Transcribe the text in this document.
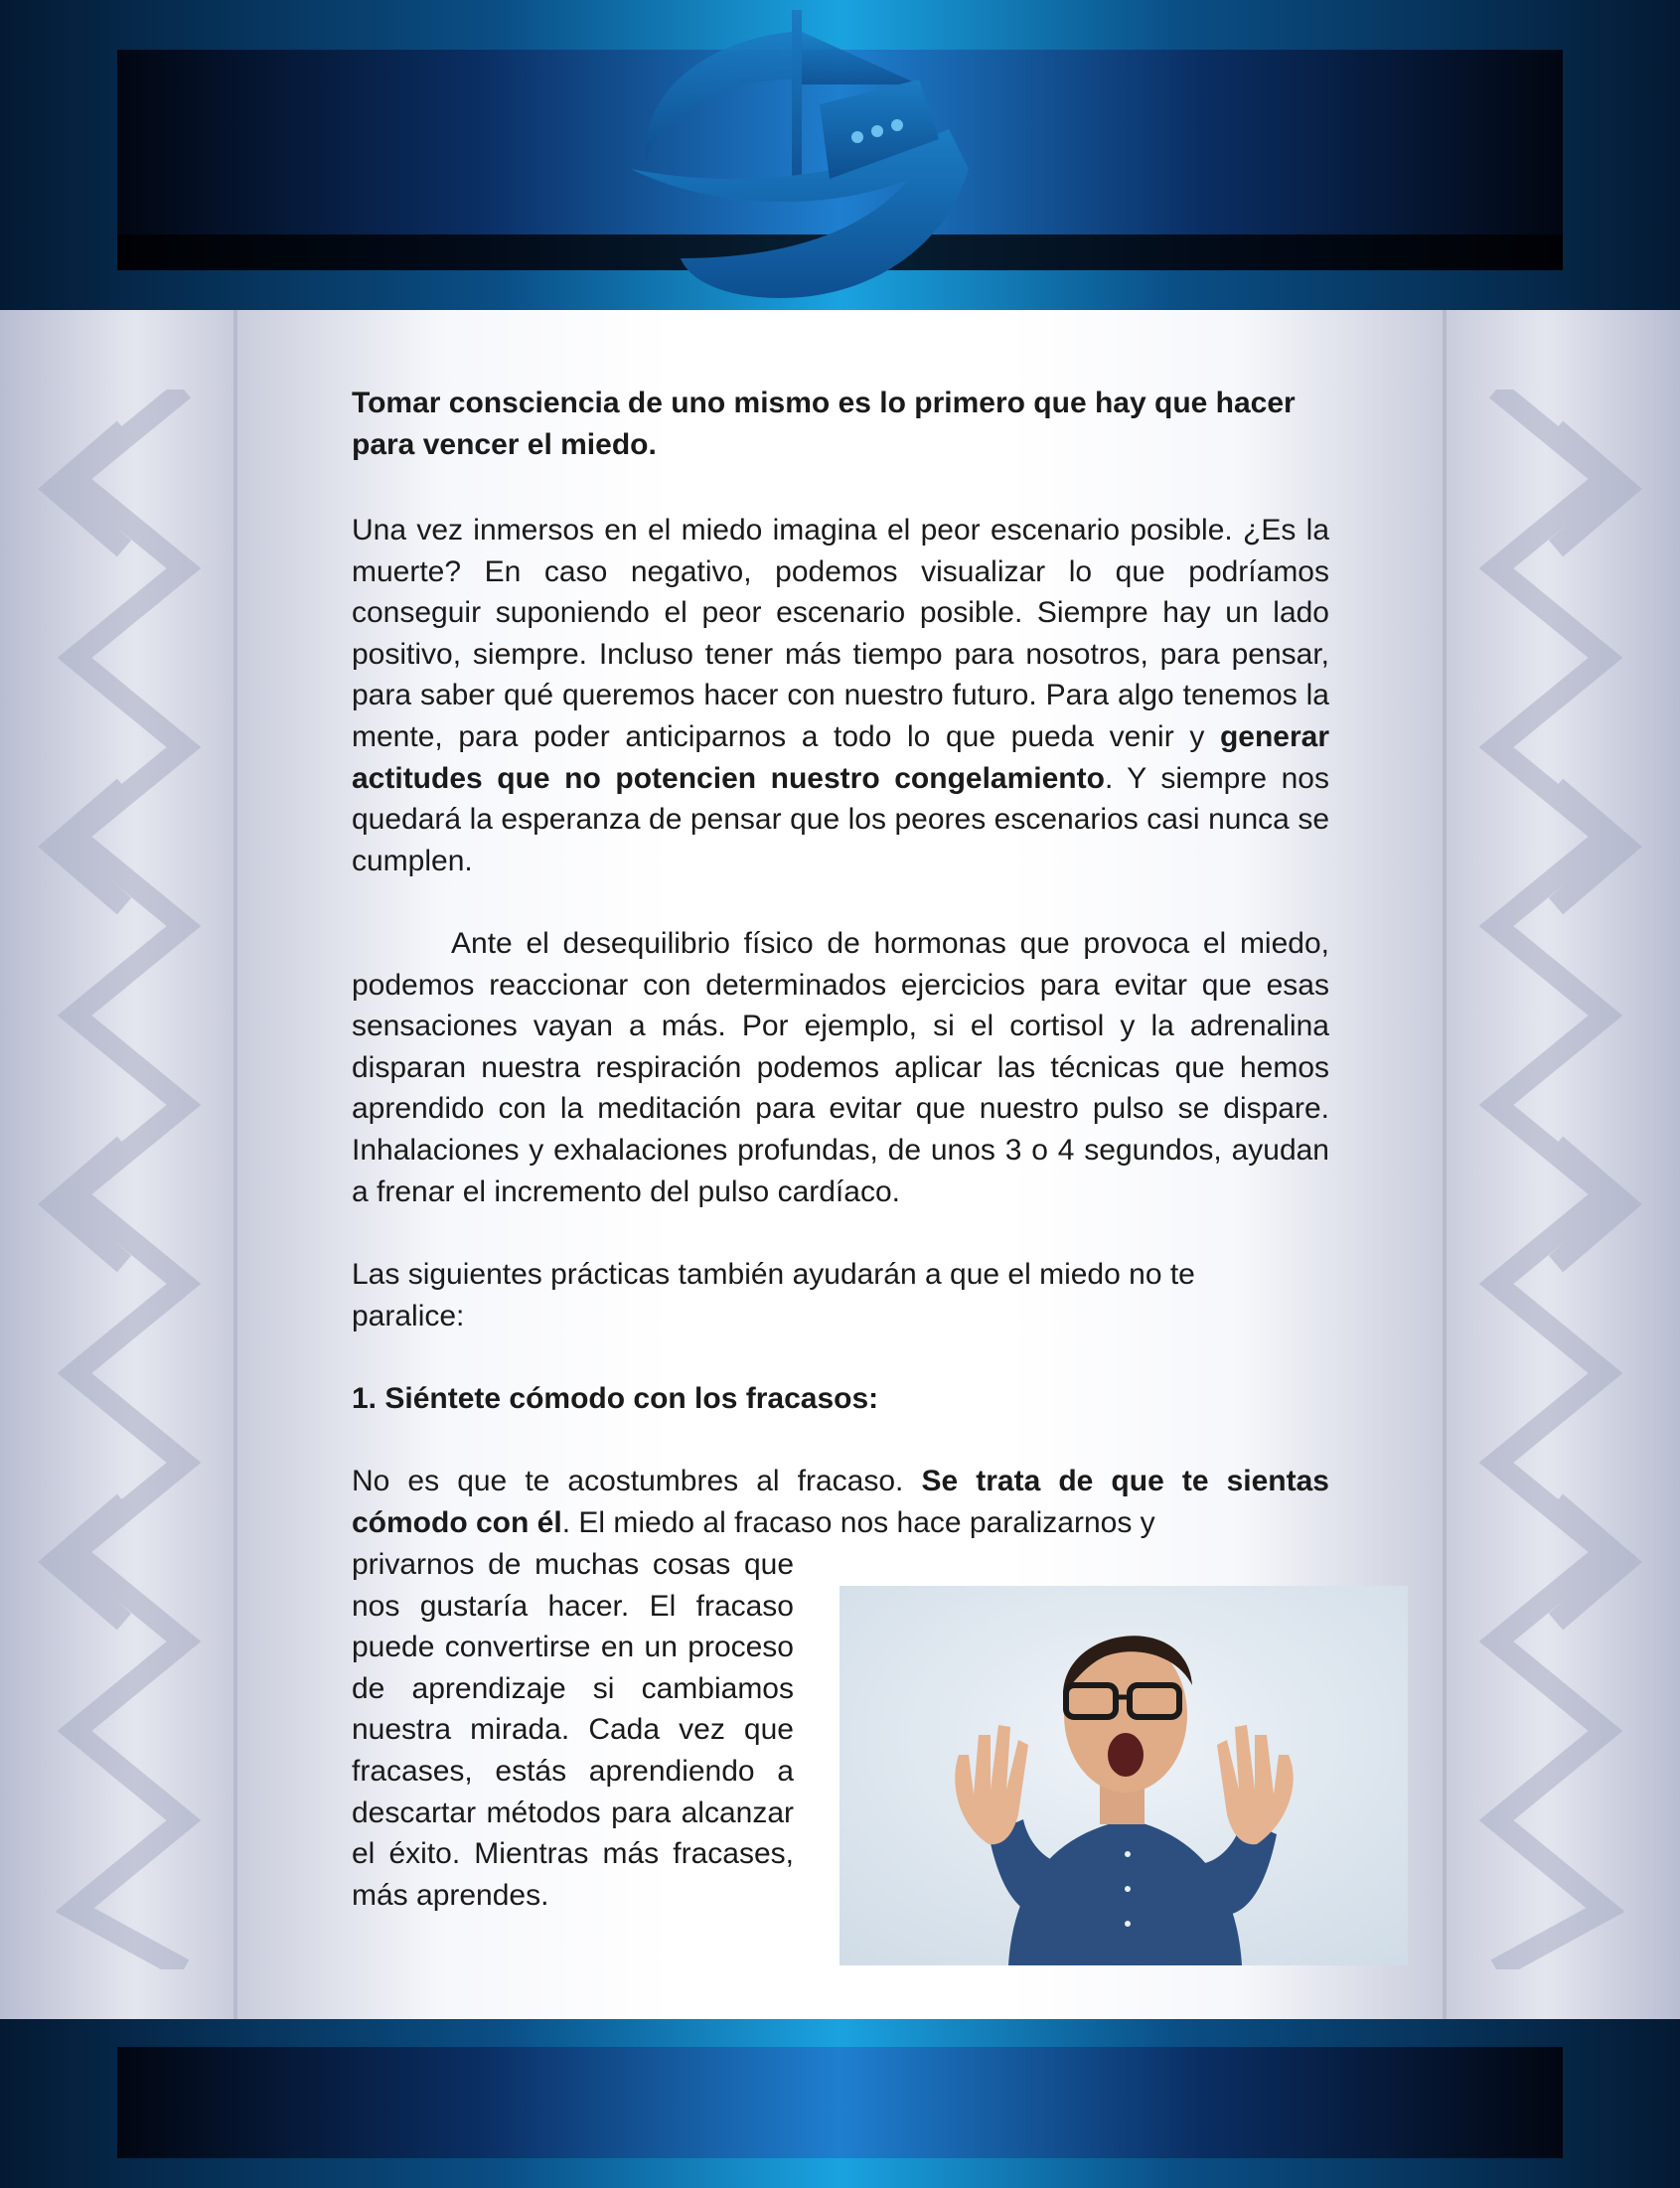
Tomar consciencia de uno mismo es lo primero que hay que hacer para vencer el miedo.

Una vez inmersos en el miedo imagina el peor escenario posible. ¿Es la muerte? En caso negativo, podemos visualizar lo que podríamos conseguir suponiendo el peor escenario posible. Siempre hay un lado positivo, siempre. Incluso tener más tiempo para nosotros, para pensar, para saber qué queremos hacer con nuestro futuro. Para algo tenemos la mente, para poder anticiparnos a todo lo que pueda venir y generar actitudes que no potencien nuestro congelamiento. Y siempre nos quedará la esperanza de pensar que los peores escenarios casi nunca se cumplen.

Ante el desequilibrio físico de hormonas que provoca el miedo, podemos reaccionar con determinados ejercicios para evitar que esas sensaciones vayan a más. Por ejemplo, si el cortisol y la adrenalina disparan nuestra respiración podemos aplicar las técnicas que hemos aprendido con la meditación para evitar que nuestro pulso se dispare. Inhalaciones y exhalaciones profundas, de unos 3 o 4 segundos, ayudan a frenar el incremento del pulso cardíaco.

Las siguientes prácticas también ayudarán a que el miedo no te paralice:

1. Siéntete cómodo con los fracasos:

No es que te acostumbres al fracaso. Se trata de que te sientas cómodo con él. El miedo al fracaso nos hace paralizarnos y

privarnos de muchas cosas que nos gustaría hacer. El fracaso puede convertirse en un proceso de aprendizaje si cambiamos nuestra mirada. Cada vez que fracases, estás aprendiendo a descartar métodos para alcanzar el éxito. Mientras más fracases, más aprendes.
